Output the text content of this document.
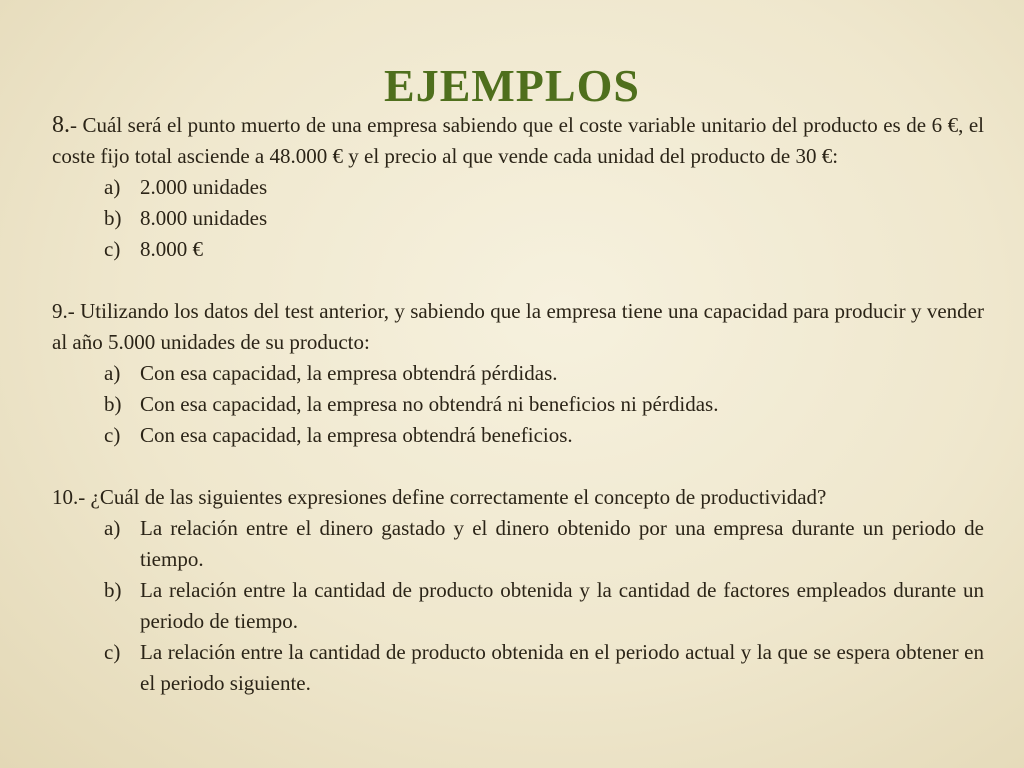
EJEMPLOS
8.- Cuál será el punto muerto de una empresa sabiendo que el coste variable unitario del producto es de 6 €, el coste fijo total asciende a 48.000 € y el precio al que vende cada unidad del producto de 30 €:
a) 2.000 unidades
b) 8.000 unidades
c) 8.000 €
9.- Utilizando los datos del test anterior, y sabiendo que la empresa tiene una capacidad para producir y vender al año 5.000 unidades de su producto:
a) Con esa capacidad, la empresa obtendrá pérdidas.
b) Con esa capacidad, la empresa no obtendrá ni beneficios ni pérdidas.
c) Con esa capacidad, la empresa obtendrá beneficios.
10.- ¿Cuál de las siguientes expresiones define correctamente el concepto de productividad?
a) La relación entre el dinero gastado y el dinero obtenido por una empresa durante un periodo de tiempo.
b) La relación entre la cantidad de producto obtenida y la cantidad de factores empleados durante un periodo de tiempo.
c) La relación entre la cantidad de producto obtenida en el periodo actual y la que se espera obtener en el periodo siguiente.
